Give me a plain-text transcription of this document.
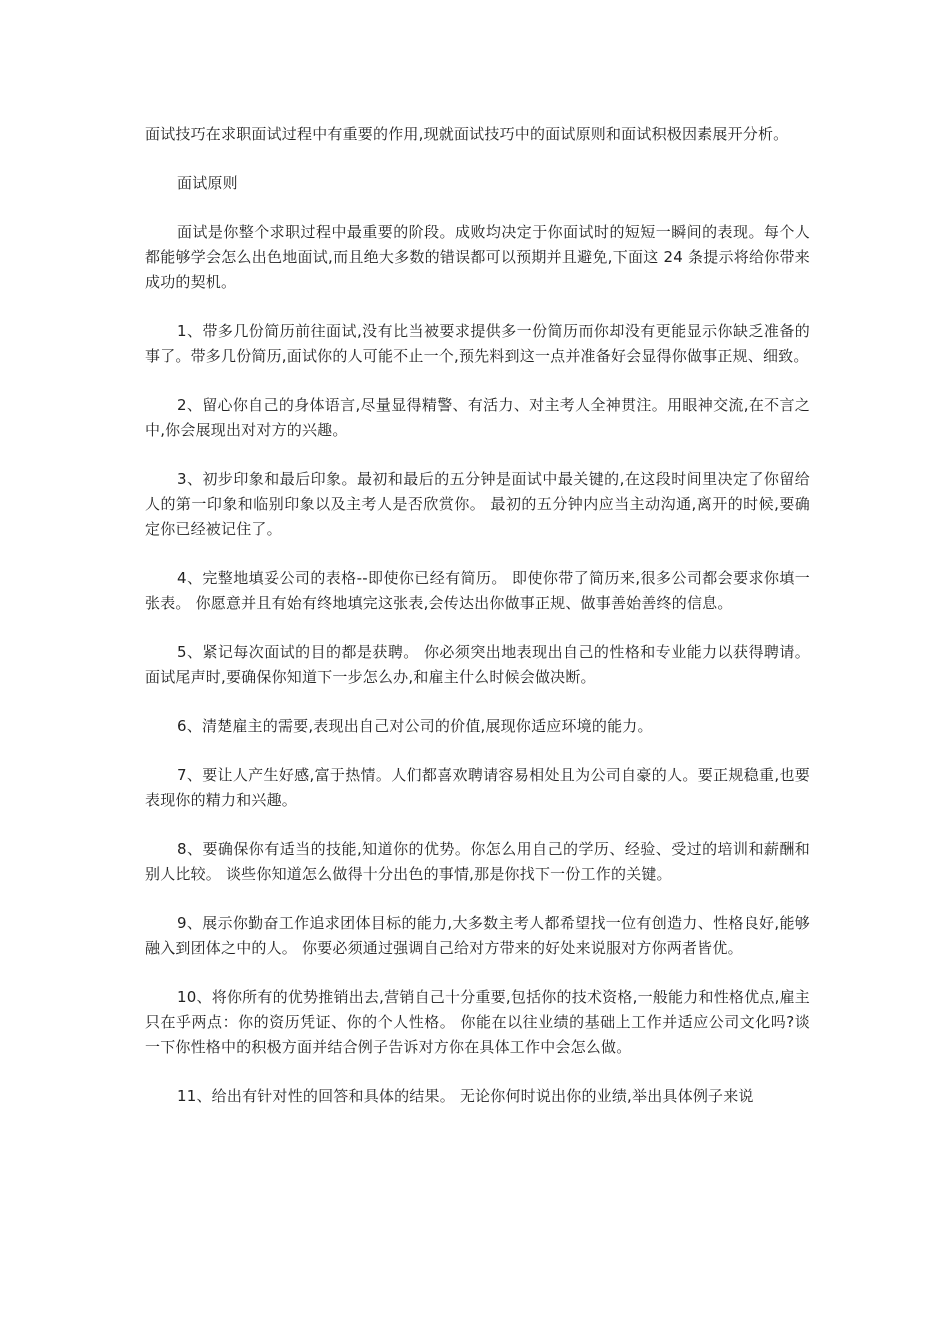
面试技巧在求职面试过程中有重要的作用,现就面试技巧中的面试原则和面试积极因素展开分析。

面试原则

面试是你整个求职过程中最重要的阶段。成败均决定于你面试时的短短一瞬间的表现。每个人都能够学会怎么出色地面试,而且绝大多数的错误都可以预期并且避免,下面这 24 条提示将给你带来成功的契机。

1、带多几份简历前往面试,没有比当被要求提供多一份简历而你却没有更能显示你缺乏准备的事了。带多几份简历,面试你的人可能不止一个,预先料到这一点并准备好会显得你做事正规、细致。

2、留心你自己的身体语言,尽量显得精警、有活力、对主考人全神贯注。用眼神交流,在不言之中,你会展现出对对方的兴趣。

3、初步印象和最后印象。最初和最后的五分钟是面试中最关键的,在这段时间里决定了你留给人的第一印象和临别印象以及主考人是否欣赏你。 最初的五分钟内应当主动沟通,离开的时候,要确定你已经被记住了。

4、完整地填妥公司的表格--即使你已经有简历。 即使你带了简历来,很多公司都会要求你填一张表。 你愿意并且有始有终地填完这张表,会传达出你做事正规、做事善始善终的信息。

5、紧记每次面试的目的都是获聘。 你必须突出地表现出自己的性格和专业能力以获得聘请。 面试尾声时,要确保你知道下一步怎么办,和雇主什么时候会做决断。

6、清楚雇主的需要,表现出自己对公司的价值,展现你适应环境的能力。

7、要让人产生好感,富于热情。人们都喜欢聘请容易相处且为公司自豪的人。要正规稳重,也要表现你的精力和兴趣。

8、要确保你有适当的技能,知道你的优势。你怎么用自己的学历、经验、受过的培训和薪酬和别人比较。 谈些你知道怎么做得十分出色的事情,那是你找下一份工作的关键。

9、展示你勤奋工作追求团体目标的能力,大多数主考人都希望找一位有创造力、性格良好,能够融入到团体之中的人。 你要必须通过强调自己给对方带来的好处来说服对方你两者皆优。

10、将你所有的优势推销出去,营销自己十分重要,包括你的技术资格,一般能力和性格优点,雇主只在乎两点：你的资历凭证、你的个人性格。 你能在以往业绩的基础上工作并适应公司文化吗?谈一下你性格中的积极方面并结合例子告诉对方你在具体工作中会怎么做。

11、给出有针对性的回答和具体的结果。 无论你何时说出你的业绩,举出具体例子来说
